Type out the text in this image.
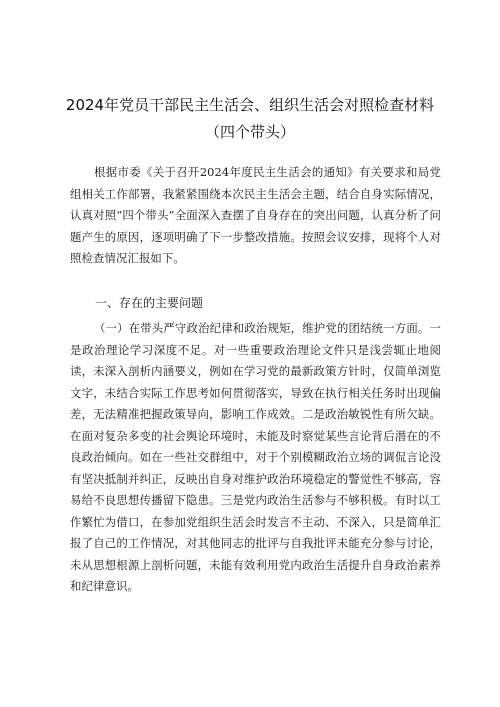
2024年党员干部民主生活会、组织生活会对照检查材料
（四个带头）

根据市委《关于召开2024年度民主生活会的通知》有关要求和局党组相关工作部署，我紧紧围绕本次民主生活会主题，结合自身实际情况，认真对照“四个带头”全面深入查摆了自身存在的突出问题，认真分析了问题产生的原因，逐项明确了下一步整改措施。按照会议安排，现将个人对照检查情况汇报如下。

一、存在的主要问题

（一）在带头严守政治纪律和政治规矩，维护党的团结统一方面。一是政治理论学习深度不足。对一些重要政治理论文件只是浅尝辄止地阅读，未深入剖析内涵要义，例如在学习党的最新政策方针时，仅简单浏览文字，未结合实际工作思考如何贯彻落实，导致在执行相关任务时出现偏差，无法精准把握政策导向，影响工作成效。二是政治敏锐性有所欠缺。在面对复杂多变的社会舆论环境时，未能及时察觉某些言论背后潜在的不良政治倾向。如在一些社交群组中，对于个别模糊政治立场的调侃言论没有坚决抵制并纠正，反映出自身对维护政治环境稳定的警觉性不够高，容易给不良思想传播留下隐患。三是党内政治生活参与不够积极。有时以工作繁忙为借口，在参加党组织生活会时发言不主动、不深入，只是简单汇报了自己的工作情况，对其他同志的批评与自我批评未能充分参与讨论，未从思想根源上剖析问题，未能有效利用党内政治生活提升自身政治素养和纪律意识。
